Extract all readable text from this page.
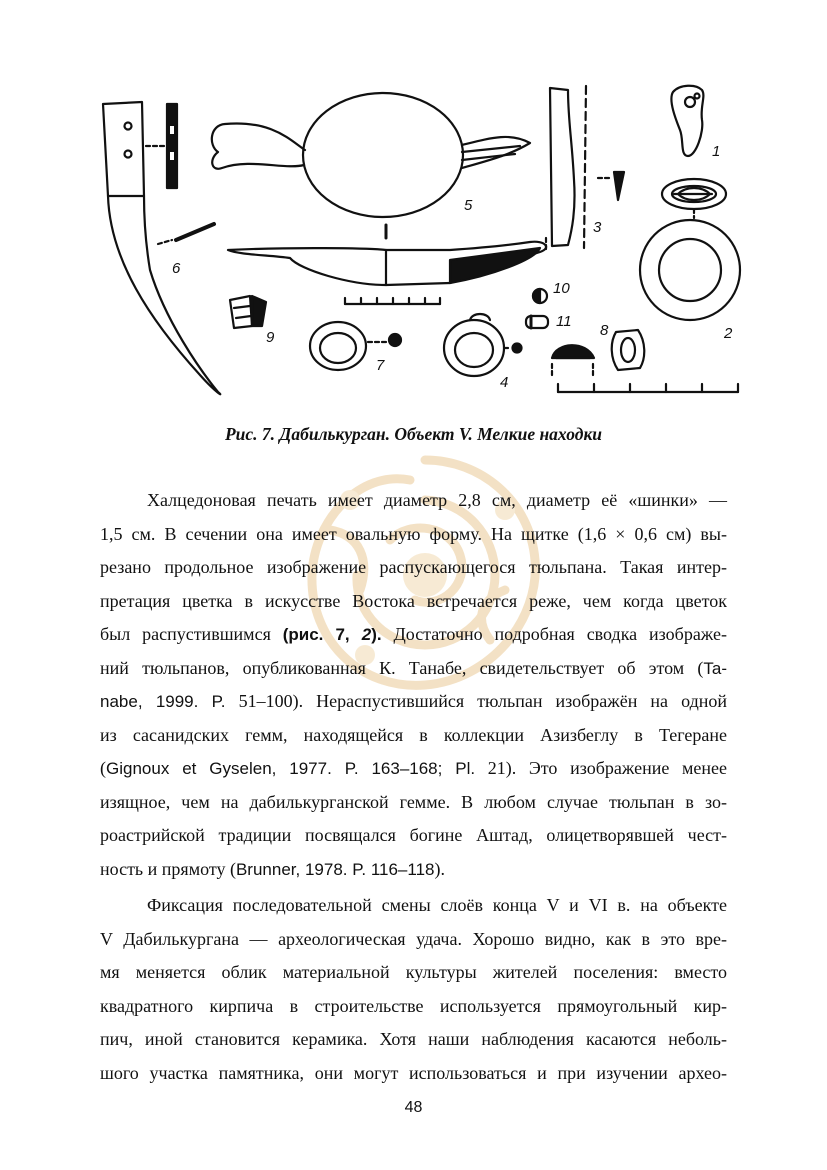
1
2
3
4
5
6
7
8
9
10
11
Рис. 7. Дабилькурган. Объект V. Мелкие находки
Халцедоновая печать имеет диаметр 2,8 см, диаметр её «шинки» —
1,5 см. В сечении она имеет овальную форму. На щитке (1,6 × 0,6 см) вы-
резано продольное изображение распускающегося тюльпана. Такая интер-
претация цветка в искусстве Востока встречается реже, чем когда цветок
был распустившимся (рис. 7, 2). Достаточно подробная сводка изображе-
ний тюльпанов, опубликованная К. Танабе, свидетельствует об этом (Ta-
nabe, 1999. P. 51–100). Нераспустившийся тюльпан изображён на одной
из сасанидских гемм, находящейся в коллекции Азизбеглу в Тегеране
(Gignoux et Gyselen, 1977. P. 163–168; Pl. 21). Это изображение менее
изящное, чем на дабилькурганской гемме. В любом случае тюльпан в зо-
роастрийской традиции посвящался богине Аштад, олицетворявшей чест-
ность и прямоту (Brunner, 1978. P. 116–118).
Фиксация последовательной смены слоёв конца V и VI в. на объекте
V Дабилькургана — археологическая удача. Хорошо видно, как в это вре-
мя меняется облик материальной культуры жителей поселения: вместо
квадратного кирпича в строительстве используется прямоугольный кир-
пич, иной становится керамика. Хотя наши наблюдения касаются неболь-
шого участка памятника, они могут использоваться и при изучении архео-
48
